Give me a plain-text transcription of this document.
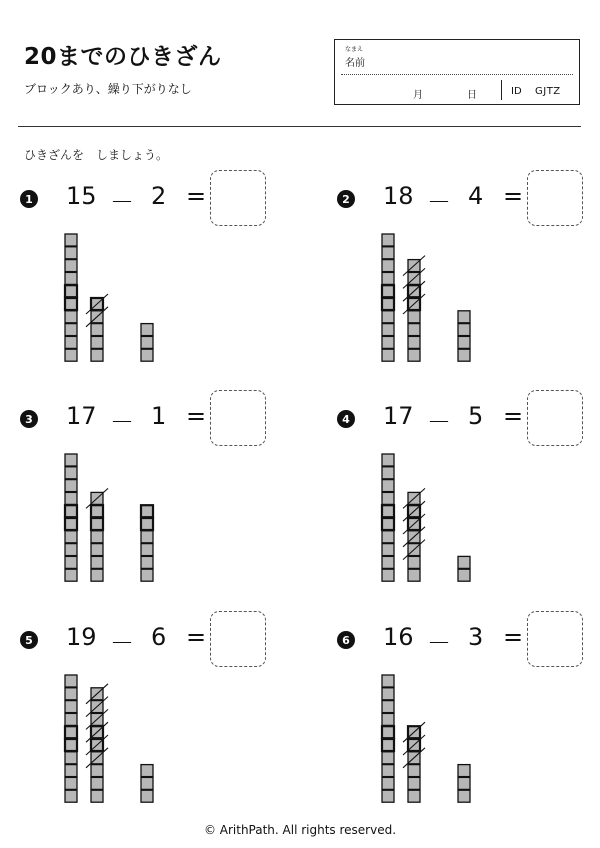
20までのひきざん
ブロックあり、繰り下がりなし
なまえ
名前
月	日	ID GJTZ
ひきざんを　しましょう。
1 15 － 2 =	2 18 － 4 =
3 17 － 1 =	4 17 － 5 =
5 19 － 6 =	6 16 － 3 =
© ArithPath. All rights reserved.
